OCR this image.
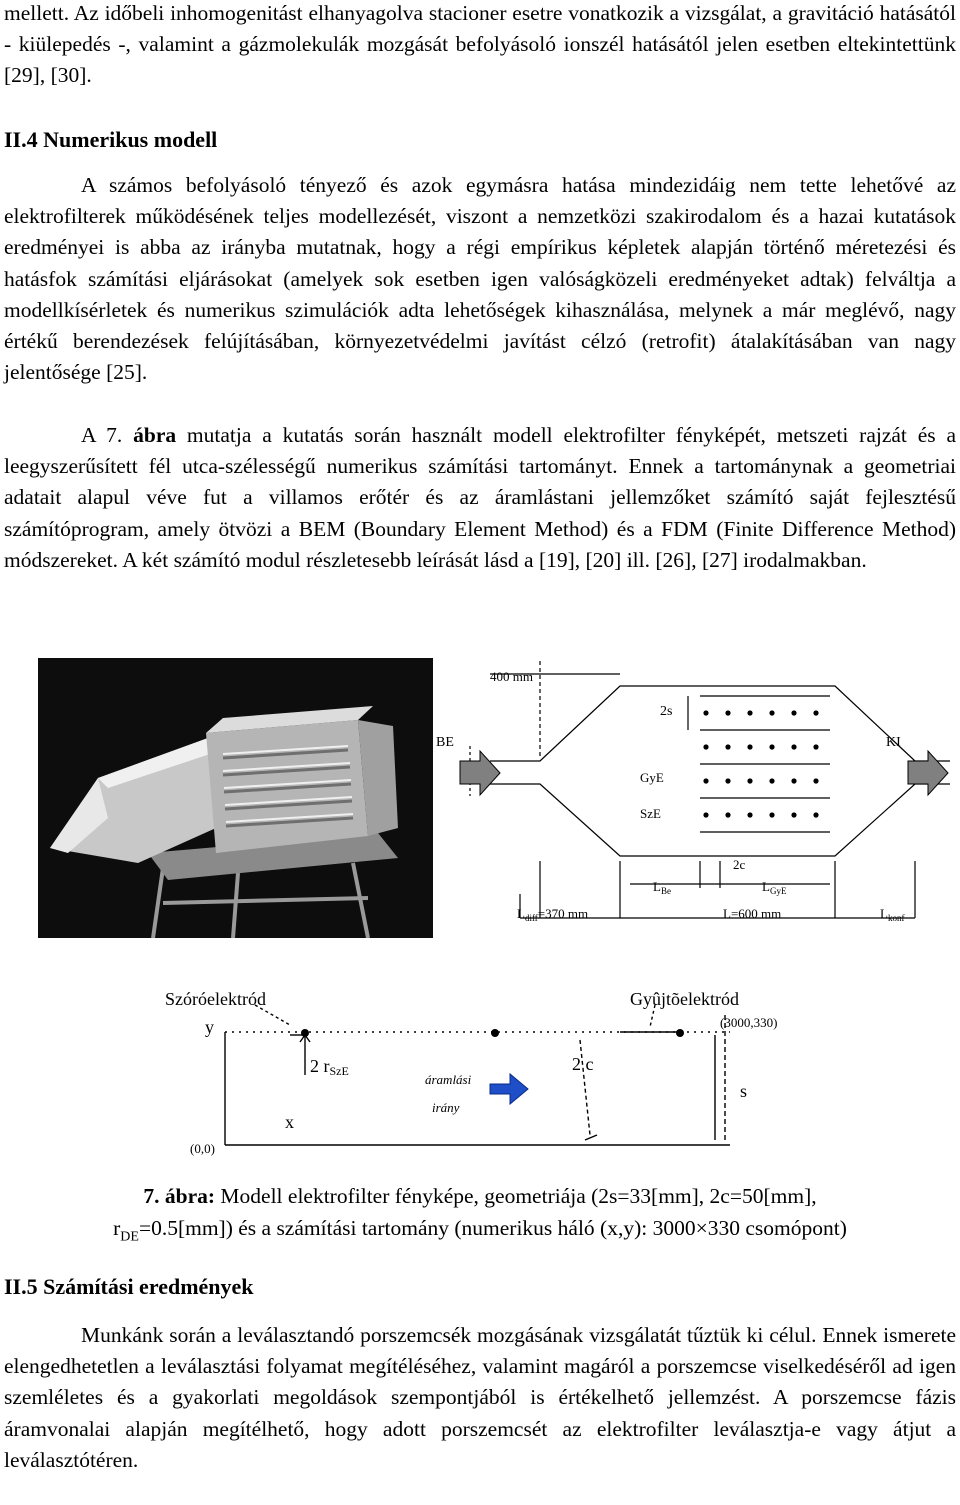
mellett. Az időbeli inhomogenitást elhanyagolva stacioner esetre vonatkozik a vizsgálat, a gravitáció hatásától - kiülepedés -, valamint a gázmolekulák mozgását befolyásoló ionszél hatásától jelen esetben eltekintettünk [29], [30].

II.4 Numerikus modell

A számos befolyásoló tényező és azok egymásra hatása mindezidáig nem tette lehetővé az elektrofilterek működésének teljes modellezését, viszont a nemzetközi szakirodalom és a hazai kutatások eredményei is abba az irányba mutatnak, hogy a régi empírikus képletek alapján történő méretezési és hatásfok számítási eljárásokat (amelyek sok esetben igen valóságközeli eredményeket adtak) felváltja a modellkísérletek és numerikus szimulációk adta lehetőségek kihasználása, melynek a már meglévő, nagy értékű berendezések felújításában, környezetvédelmi javítást célzó (retrofit) átalakításában van nagy jelentősége [25].

A 7. ábra mutatja a kutatás során használt modell elektrofilter fényképét, metszeti rajzát és a leegyszerűsített fél utca-szélességű numerikus számítási tartományt. Ennek a tartománynak a geometriai adatait alapul véve fut a villamos erőtér és az áramlástani jellemzőket számító saját fejlesztésű számítóprogram, amely ötvözi a BEM (Boundary Element Method) és a FDM (Finite Difference Method) módszereket. A két számító modul részletesebb leírását lásd a [19], [20] ill. [26], [27] irodalmakban.

400 mm
2s
BE	KI
GyE
SzE
2c
$L_{Be}$	$L_{GyE}$
$L_{diff}=370$ mm	L=600 mm	$L_{konf}$
Szóróelektród	Gyûjtõelektród
y
x
(3000,330)
(0,0)
2 rSzE	2 c
s
áramlási
irány

7. ábra: Modell elektrofilter fényképe, geometriája (2s=33[mm], 2c=50[mm],
$r_{DE}=0.5[mm]$) és a számítási tartomány (numerikus háló (x,y): 3000×330 csomópont)

II.5 Számítási eredmények

Munkánk során a leválasztandó porszemcsék mozgásának vizsgálatát tűztük ki célul. Ennek ismerete elengedhetetlen a leválasztási folyamat megítéléséhez, valamint magáról a porszemcse viselkedéséről ad igen szemléletes és a gyakorlati megoldások szempontjából is értékelhető jellemzést. A porszemcse fázis áramvonalai alapján megítélhető, hogy adott porszemcsét az elektrofilter leválasztja-e vagy átjut a leválasztótéren.
